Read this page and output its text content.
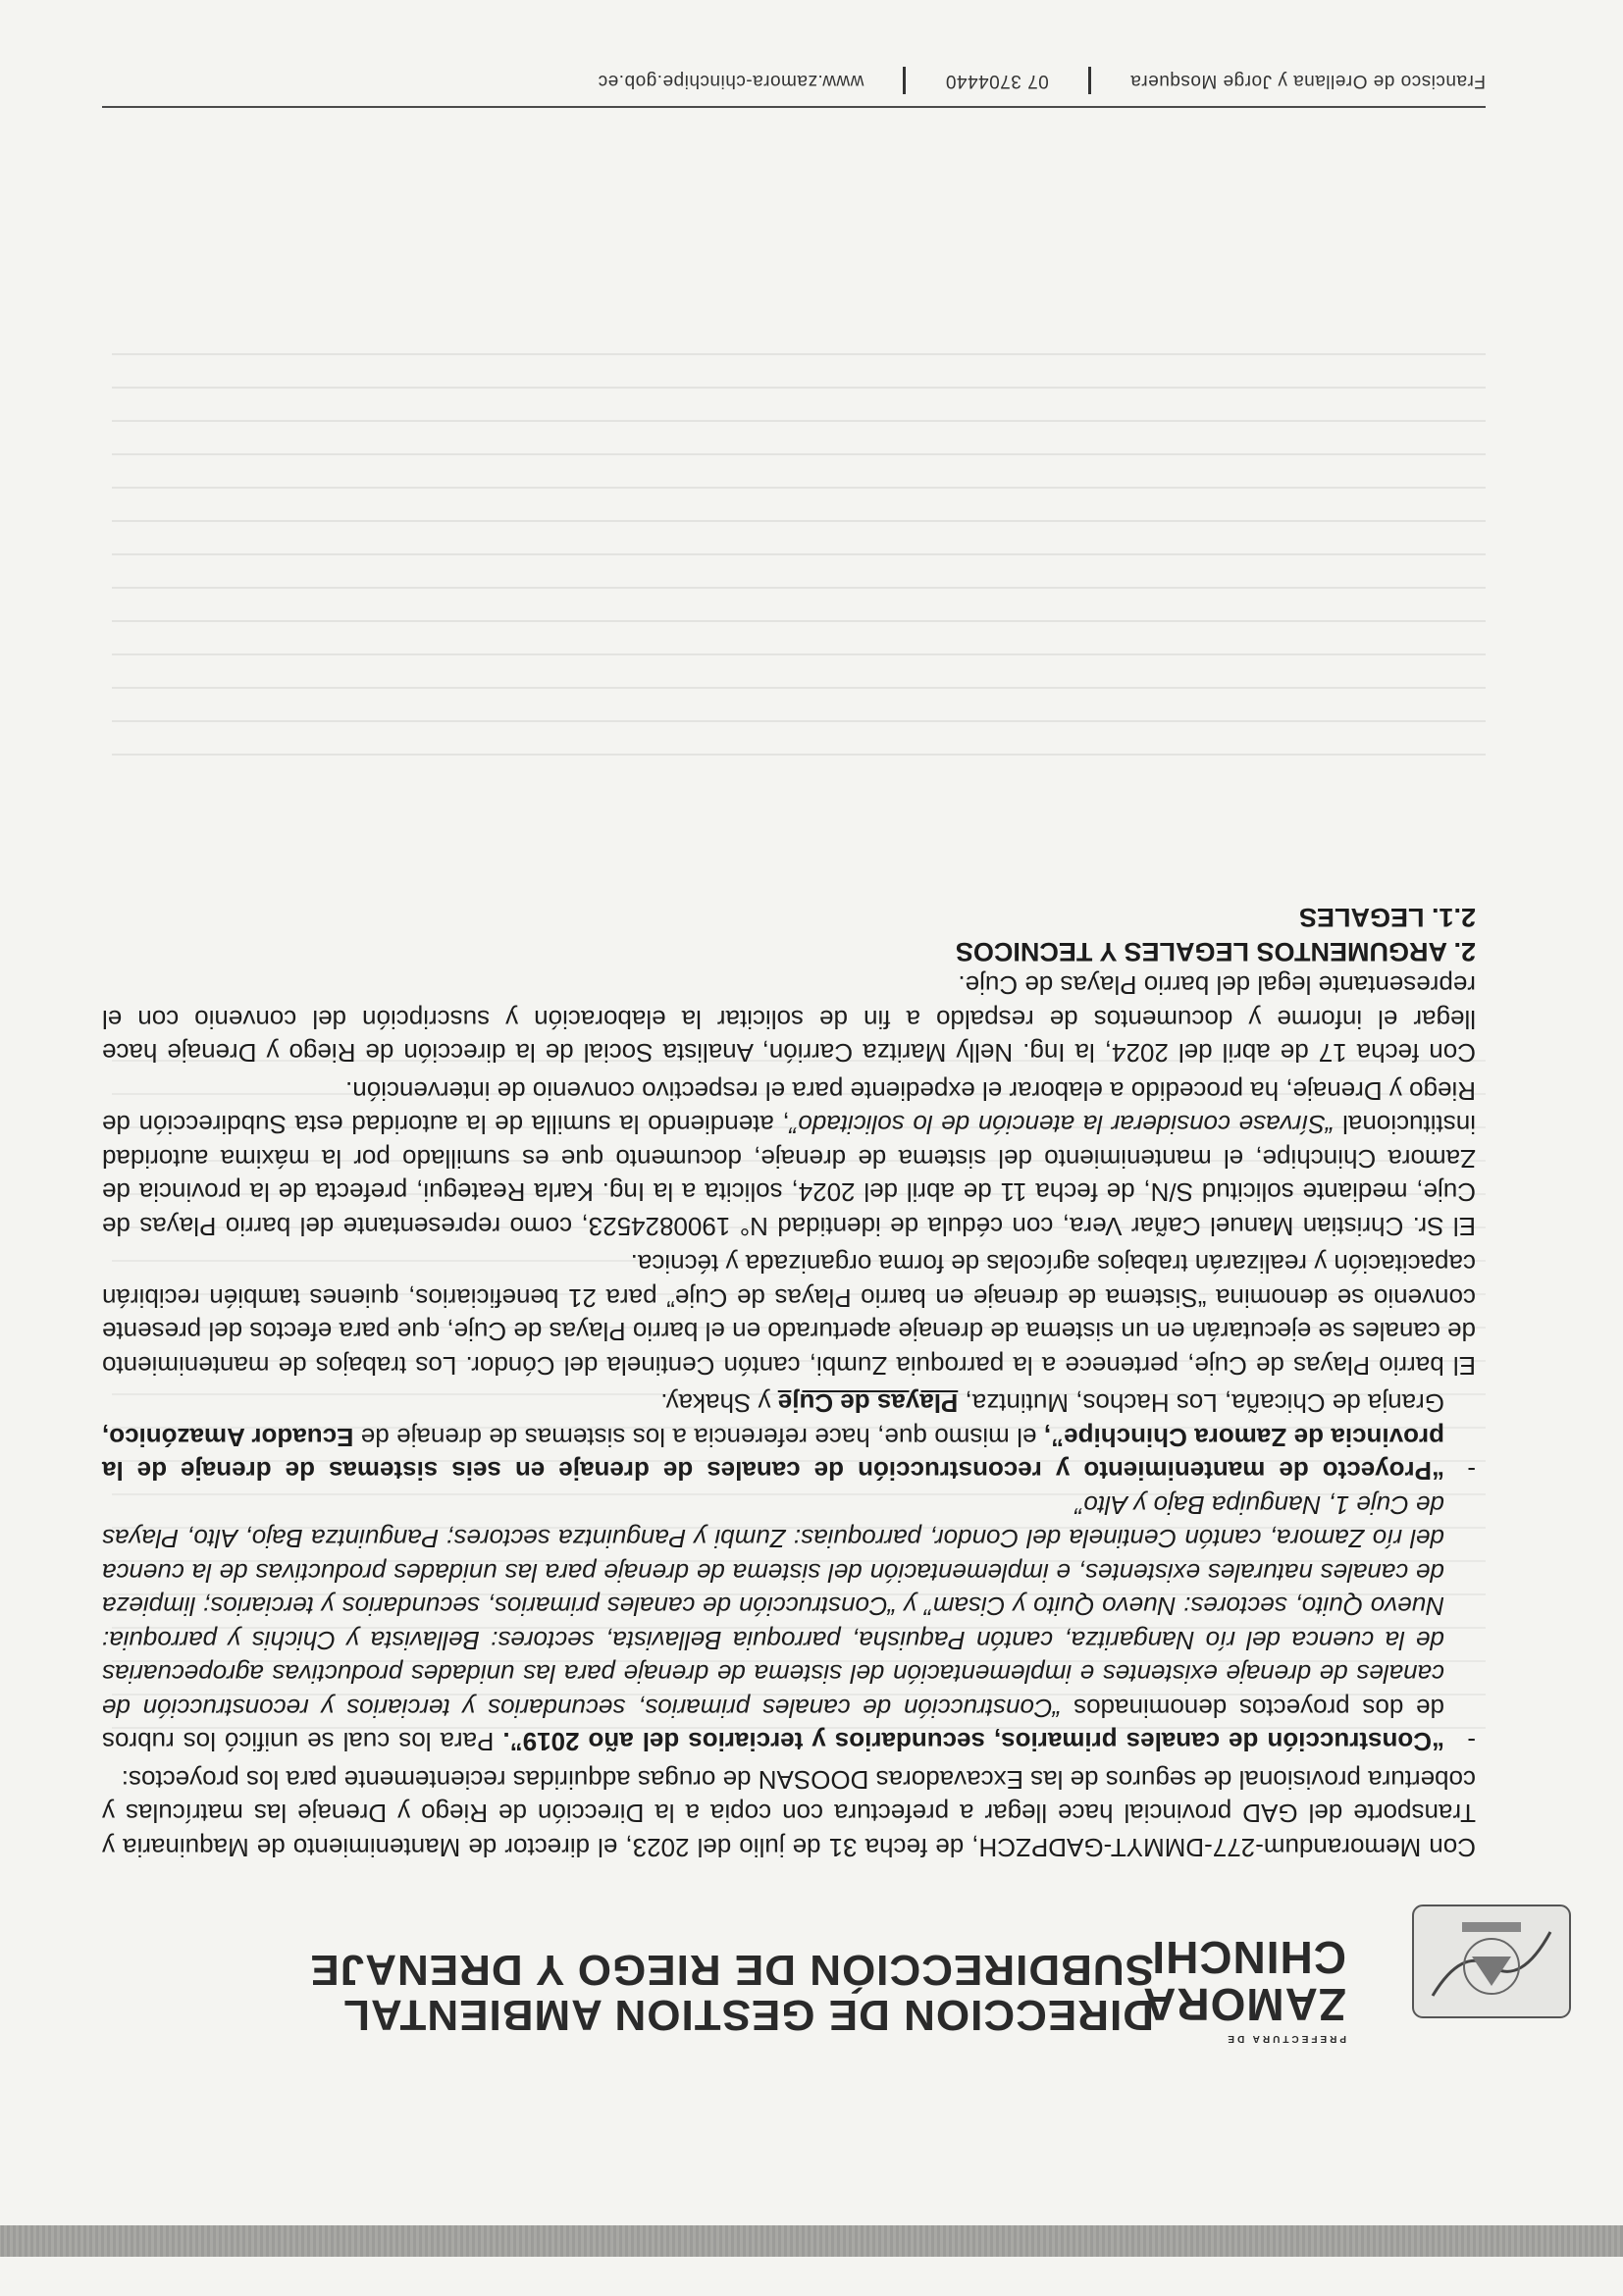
PREFECTURA DE
ZAMORA
CHINCHI
DIRECCION DE GESTION AMBIENTAL
SUBDIRECCIÓN DE RIEGO Y DRENAJE

Con Memorandum-277-DMMYT-GADPZCH, de fecha 31 de julio del 2023, el director de Mantenimiento de Maquinaria y Transporte del GAD provincial hace llegar a prefectura con copia a la Dirección de Riego y Drenaje las matrículas y cobertura provisional de seguros de las Excavadoras DOOSAN de orugas adquiridas recientemente para los proyectos:

-

“Construcción de canales primarios, secundarios y terciarios del año 2019”. Para los cual se unificó los rubros de dos proyectos denominados “Construcción de canales primarios, secundarios y terciarios y reconstrucción de canales de drenaje existentes e implementación del sistema de drenaje para las unidades productivas agropecuarias de la cuenca del río Nangaritza, cantón Paquisha, parroquia Bellavista, sectores: Bellavista y Chichis y parroquia: Nuevo Quito, sectores: Nuevo Quito y Cisam” y “Construcción de canales primarios, secundarios y terciarios; limpieza de canales naturales existentes, e implementación del sistema de drenaje para las unidades productivas de la cuenca del río Zamora, cantón Centinela del Condor, parroquias: Zumbi y Panguintza sectores; Panguintza Bajo, Alto, Playas de Cuje 1, Nanguipa Bajo y Alto”

-

“Proyecto de mantenimiento y reconstrucción de canales de drenaje en seis sistemas de drenaje de la provincia de Zamora Chinchipe”, el mismo que, hace referencia a los sistemas de drenaje de Ecuador Amazónico, Granja de Chicaña, Los Hachos, Mutintza, Playas de Cuje y Shakay.

El barrio Playas de Cuje, pertenece a la parroquia Zumbi, cantón Centinela del Cóndor. Los trabajos de mantenimiento de canales se ejecutarán en un sistema de drenaje aperturado en el barrio Playas de Cuje, que para efectos del presente convenio se denomina “Sistema de drenaje en barrio Playas de Cuje” para 21 beneficiarios, quienes también recibirán capacitación y realizarán trabajos agrícolas de forma organizada y técnica.

El Sr. Christian Manuel Cañar Vera, con cédula de identidad N° 1900824523, como representante del barrio Playas de Cuje, mediante solicitud S/N, de fecha 11 de abril del 2024, solicita a la Ing. Karla Reategui, prefecta de la provincia de Zamora Chinchipe, el mantenimiento del sistema de drenaje, documento que es sumillado por la máxima autoridad institucional “Sírvase considerar la atención de lo solicitado”, atendiendo la sumilla de la autoridad esta Subdirección de Riego y Drenaje, ha procedido a elaborar el expediente para el respectivo convenio de intervención.

Con fecha 17 de abril del 2024, la Ing. Nelly Maritza Carrión, Analista Social de la dirección de Riego y Drenaje hace llegar el informe y documentos de respaldo a fin de solicitar la elaboración y suscripción del convenio con el representante legal del barrio Playas de Cuje.

2. ARGUMENTOS LEGALES Y TECNICOS

2.1. LEGALES

Francisco de Orellana y Jorge Mosquera
07 3704440
www.zamora-chinchipe.gob.ec
